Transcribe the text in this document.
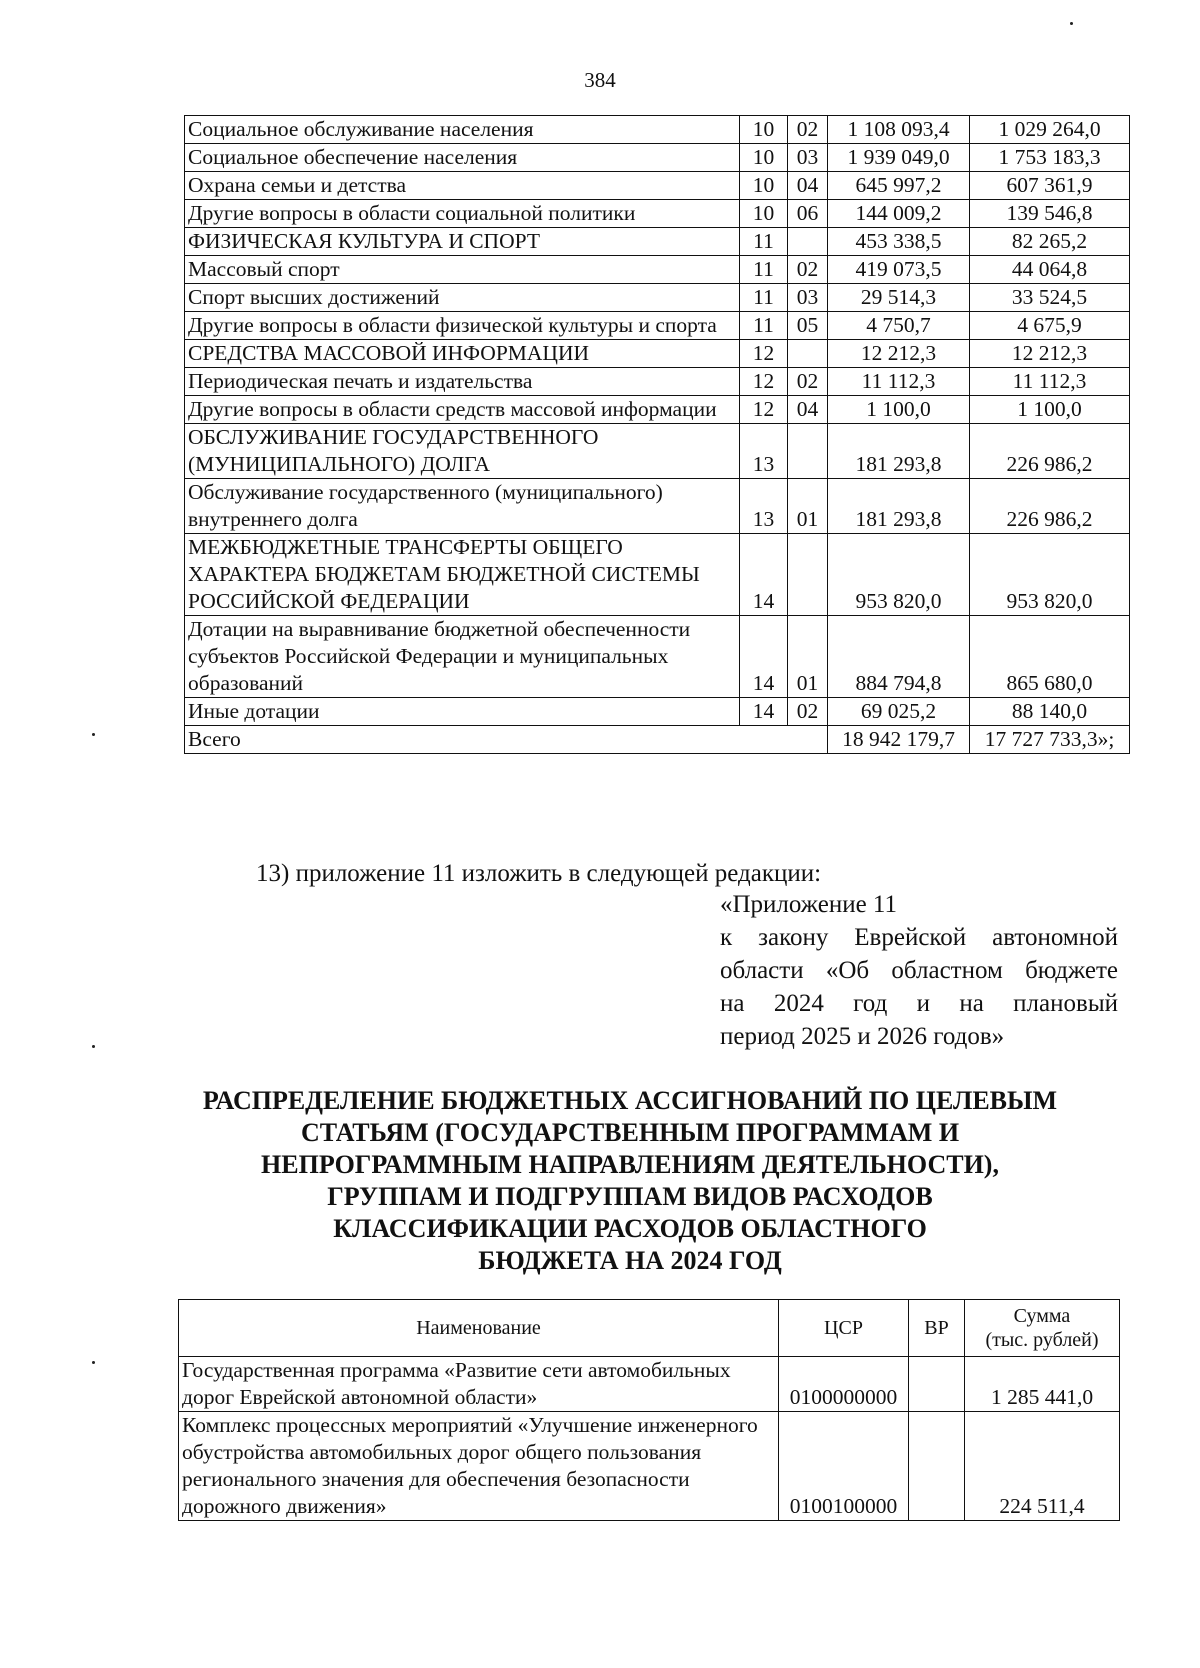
384
Социальное обслуживание населения	10	02	1 108 093,4	1 029 264,0
Социальное обеспечение населения	10	03	1 939 049,0	1 753 183,3
Охрана семьи и детства	10	04	645 997,2	607 361,9
Другие вопросы в области социальной политики	10	06	144 009,2	139 546,8
ФИЗИЧЕСКАЯ КУЛЬТУРА И СПОРТ	11		453 338,5	82 265,2
Массовый спорт	11	02	419 073,5	44 064,8
Спорт высших достижений	11	03	29 514,3	33 524,5
Другие вопросы в области физической культуры и спорта	11	05	4 750,7	4 675,9
СРЕДСТВА МАССОВОЙ ИНФОРМАЦИИ	12		12 212,3	12 212,3
Периодическая печать и издательства	12	02	11 112,3	11 112,3
Другие вопросы в области средств массовой информации	12	04	1 100,0	1 100,0
ОБСЛУЖИВАНИЕ ГОСУДАРСТВЕННОГО (МУНИЦИПАЛЬНОГО) ДОЛГА	13		181 293,8	226 986,2
Обслуживание государственного (муниципального) внутреннего долга	13	01	181 293,8	226 986,2
МЕЖБЮДЖЕТНЫЕ ТРАНСФЕРТЫ ОБЩЕГО ХАРАКТЕРА БЮДЖЕТАМ БЮДЖЕТНОЙ СИСТЕМЫ РОССИЙСКОЙ ФЕДЕРАЦИИ	14		953 820,0	953 820,0
Дотации на выравнивание бюджетной обеспеченности субъектов Российской Федерации и муниципальных образований	14	01	884 794,8	865 680,0
Иные дотации	14	02	69 025,2	88 140,0
Всего			18 942 179,7	17 727 733,3»;
13) приложение 11 изложить в следующей редакции:
«Приложение 11
к закону Еврейской автономной
области «Об областном бюджете
на 2024 год и на плановый
период 2025 и 2026 годов»
РАСПРЕДЕЛЕНИЕ БЮДЖЕТНЫХ АССИГНОВАНИЙ ПО ЦЕЛЕВЫМ
СТАТЬЯМ (ГОСУДАРСТВЕННЫМ ПРОГРАММАМ И
НЕПРОГРАММНЫМ НАПРАВЛЕНИЯМ ДЕЯТЕЛЬНОСТИ),
ГРУППАМ И ПОДГРУППАМ ВИДОВ РАСХОДОВ
КЛАССИФИКАЦИИ РАСХОДОВ ОБЛАСТНОГО
БЮДЖЕТА НА 2024 ГОД
Наименование	ЦСР	ВР	Сумма
(тыс. рублей)

Государственная программа «Развитие сети автомобильных дорог Еврейской автономной области»	0100000000		1 285 441,0
Комплекс процессных мероприятий «Улучшение инженерного обустройства автомобильных дорог общего пользования регионального значения для обеспечения безопасности дорожного движения»	0100100000		224 511,4
